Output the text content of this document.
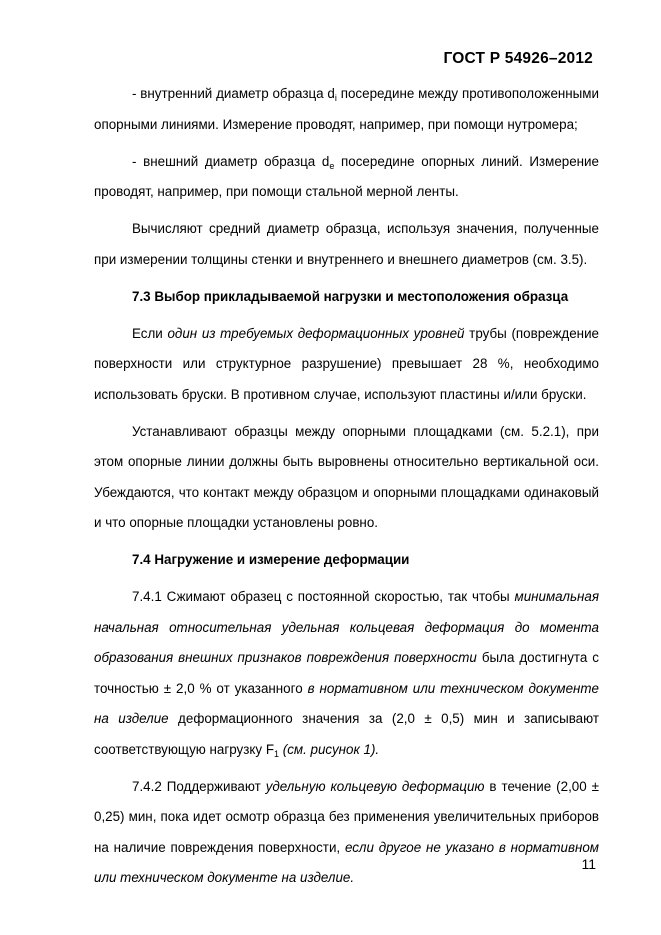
ГОСТ Р 54926–2012

- внутренний диаметр образца $d_i$ посередине между противоположенными опорными линиями. Измерение проводят, например, при помощи нутромера;

- внешний диаметр образца $d_e$ посередине опорных линий. Измерение проводят, например, при помощи стальной мерной ленты.

Вычисляют средний диаметр образца, используя значения, полученные при измерении толщины стенки и внутреннего и внешнего диаметров (см. 3.5).

7.3 Выбор прикладываемой нагрузки и местоположения образца

Если один из требуемых деформационных уровней трубы (повреждение поверхности или структурное разрушение) превышает 28 %, необходимо использовать бруски. В противном случае, используют пластины и/или бруски.

Устанавливают образцы между опорными площадками (см. 5.2.1), при этом опорные линии должны быть выровнены относительно вертикальной оси. Убеждаются, что контакт между образцом и опорными площадками одинаковый и что опорные площадки установлены ровно.

7.4 Нагружение и измерение деформации

7.4.1 Сжимают образец с постоянной скоростью, так чтобы минимальная начальная относительная удельная кольцевая деформация до момента образования внешних признаков повреждения поверхности была достигнута с точностью ± 2,0 % от указанного в нормативном или техническом документе на изделие деформационного значения за (2,0 ± 0,5) мин и записывают соответствующую нагрузку $F_1$ (см. рисунок 1).

7.4.2 Поддерживают удельную кольцевую деформацию в течение (2,00 ± 0,25) мин, пока идет осмотр образца без применения увеличительных приборов на наличие повреждения поверхности, если другое не указано в нормативном или техническом документе на изделие.

11
